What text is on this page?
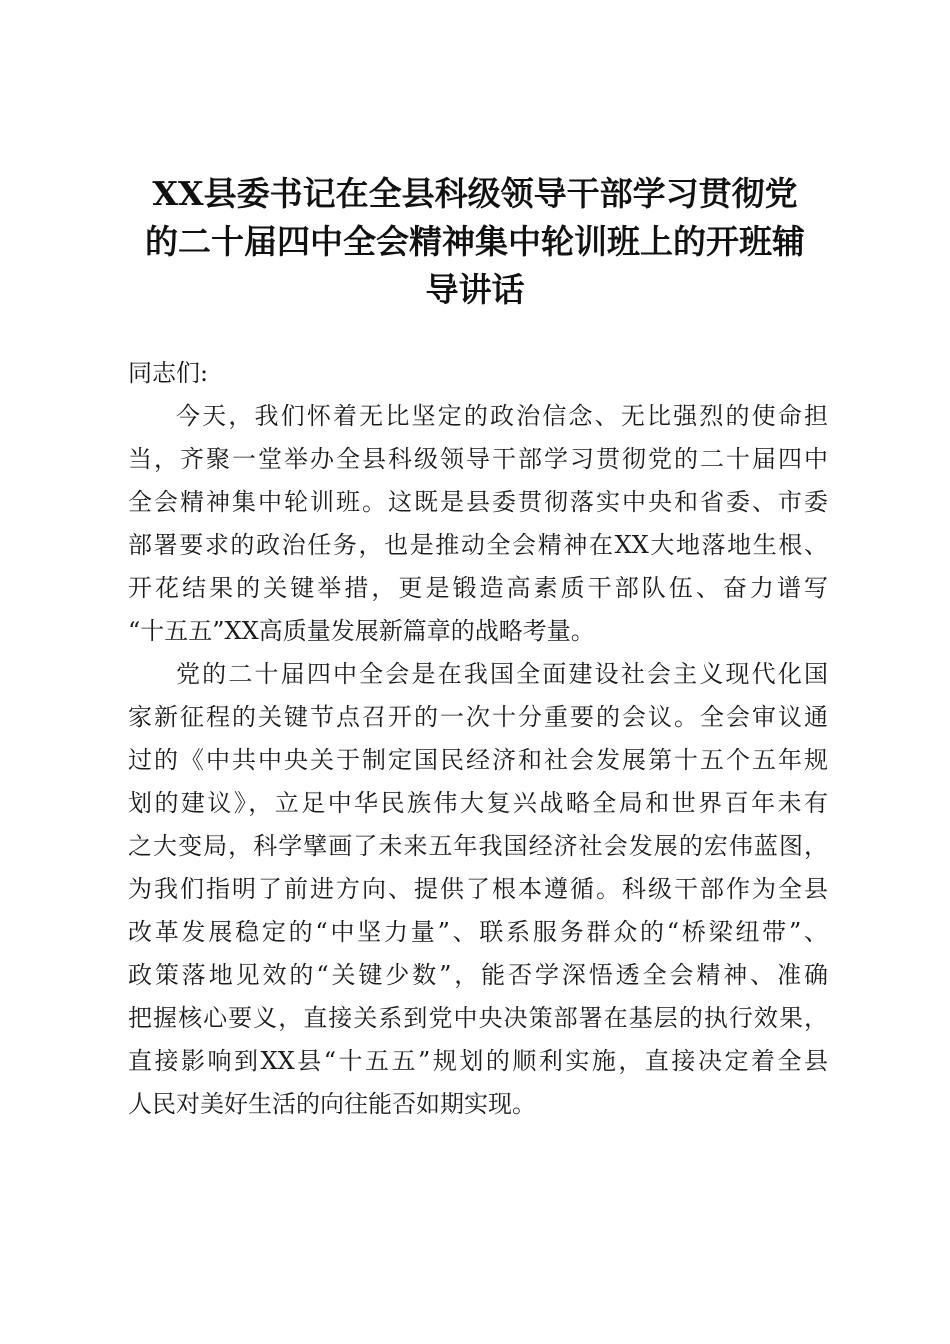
XX县委书记在全县科级领导干部学习贯彻党
的二十届四中全会精神集中轮训班上的开班辅
导讲话
同志们:
今天，我们怀着无比坚定的政治信念、无比强烈的使命担
当，齐聚一堂举办全县科级领导干部学习贯彻党的二十届四中
全会精神集中轮训班。这既是县委贯彻落实中央和省委、市委
部署要求的政治任务，也是推动全会精神在XX大地落地生根、
开花结果的关键举措，更是锻造高素质干部队伍、奋力谱写
“十五五”XX高质量发展新篇章的战略考量。
党的二十届四中全会是在我国全面建设社会主义现代化国
家新征程的关键节点召开的一次十分重要的会议。全会审议通
过的《中共中央关于制定国民经济和社会发展第十五个五年规
划的建议》，立足中华民族伟大复兴战略全局和世界百年未有
之大变局，科学擘画了未来五年我国经济社会发展的宏伟蓝图，
为我们指明了前进方向、提供了根本遵循。科级干部作为全县
改革发展稳定的“中坚力量”、联系服务群众的“桥梁纽带”、
政策落地见效的“关键少数”，能否学深悟透全会精神、准确
把握核心要义，直接关系到党中央决策部署在基层的执行效果，
直接影响到XX县“十五五”规划的顺利实施，直接决定着全县
人民对美好生活的向往能否如期实现。
